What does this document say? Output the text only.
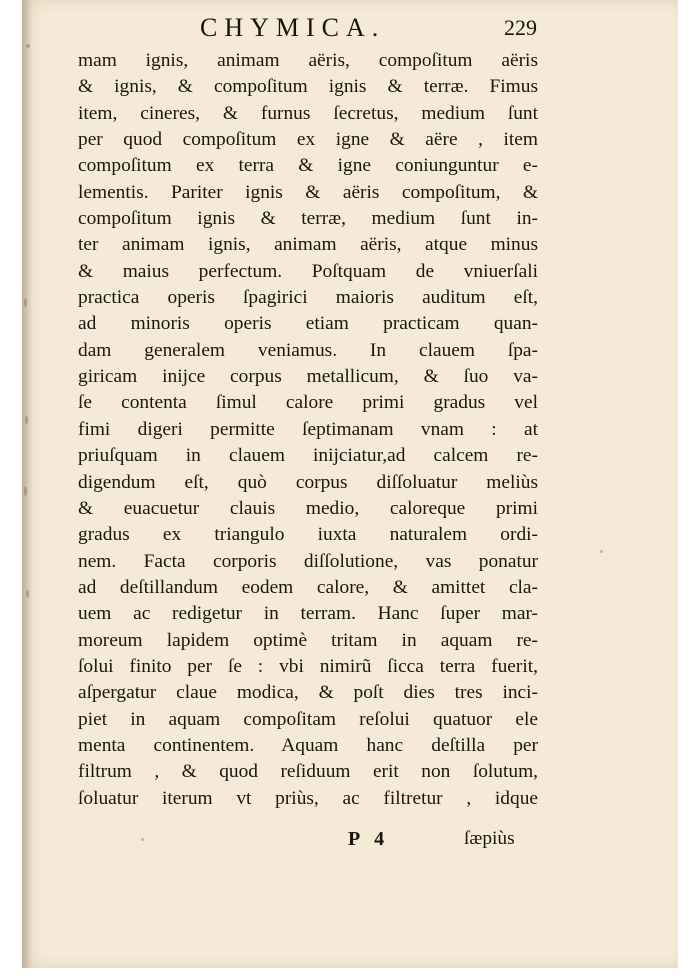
CHYMICA.	229
mam ignis, animam aëris, compoſitum aëris
& ignis, & compoſitum ignis & terræ. Fimus
item, cineres, & furnus ſecretus, medium ſunt
per quod compoſitum ex igne & aëre , item
compoſitum ex terra & igne coniunguntur e-
lementis. Pariter ignis & aëris compoſitum, &
compoſitum ignis & terræ, medium ſunt in-
ter animam ignis, animam aëris, atque minus
& maius perfectum. Poſtquam de vniuerſali
practica operis ſpagirici maioris auditum eſt,
ad minoris operis etiam practicam quan-
dam generalem veniamus. In clauem ſpa-
giricam inijce corpus metallicum, & ſuo va-
ſe contenta ſimul calore primi gradus vel
fimi digeri permitte ſeptimanam vnam : at
priuſquam in clauem inijciatur,ad calcem re-
digendum eſt, quò corpus diſſoluatur meliùs
& euacuetur clauis medio, caloreque primi
gradus ex triangulo iuxta naturalem ordi-
nem. Facta corporis diſſolutione, vas ponatur
ad deſtillandum eodem calore, & amittet cla-
uem ac redigetur in terram. Hanc ſuper mar-
moreum lapidem optimè tritam in aquam re-
ſolui finito per ſe : vbi nimirũ ſicca terra fuerit,
aſpergatur claue modica, & poſt dies tres inci-
piet in aquam compoſitam reſolui quatuor ele
menta continentem. Aquam hanc deſtilla per
filtrum , & quod reſiduum erit non ſolutum,
ſoluatur iterum vt priùs, ac filtretur , idque
P 4	ſæpiùs
